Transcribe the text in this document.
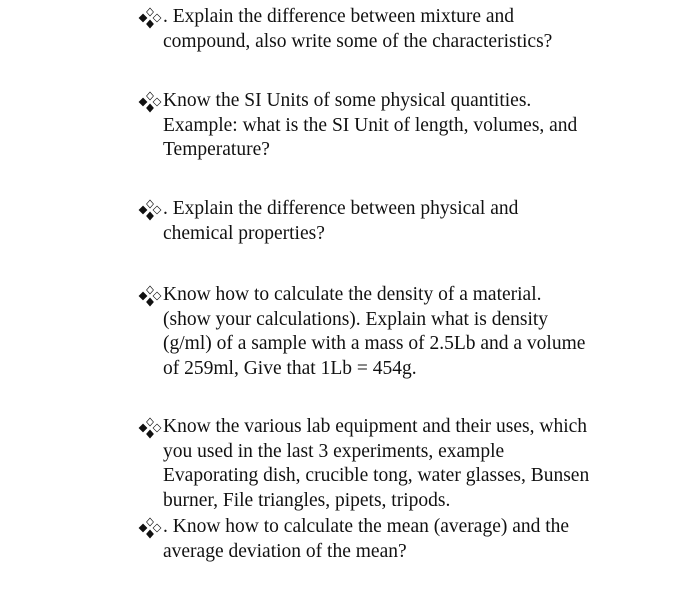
. Explain the difference between mixture and
compound, also write some of the characteristics?
Know the SI Units of some physical quantities.
Example: what is the SI Unit of length, volumes, and
Temperature?
. Explain the difference between physical and
chemical properties?
Know how to calculate the density of a material.
(show your calculations). Explain what is density
(g/ml) of a sample with a mass of 2.5Lb and a volume
of 259ml, Give that 1Lb = 454g.
Know the various lab equipment and their uses, which
you used in the last 3 experiments, example
Evaporating dish, crucible tong, water glasses, Bunsen
burner, File triangles, pipets, tripods.
. Know how to calculate the mean (average) and the
average deviation of the mean?
